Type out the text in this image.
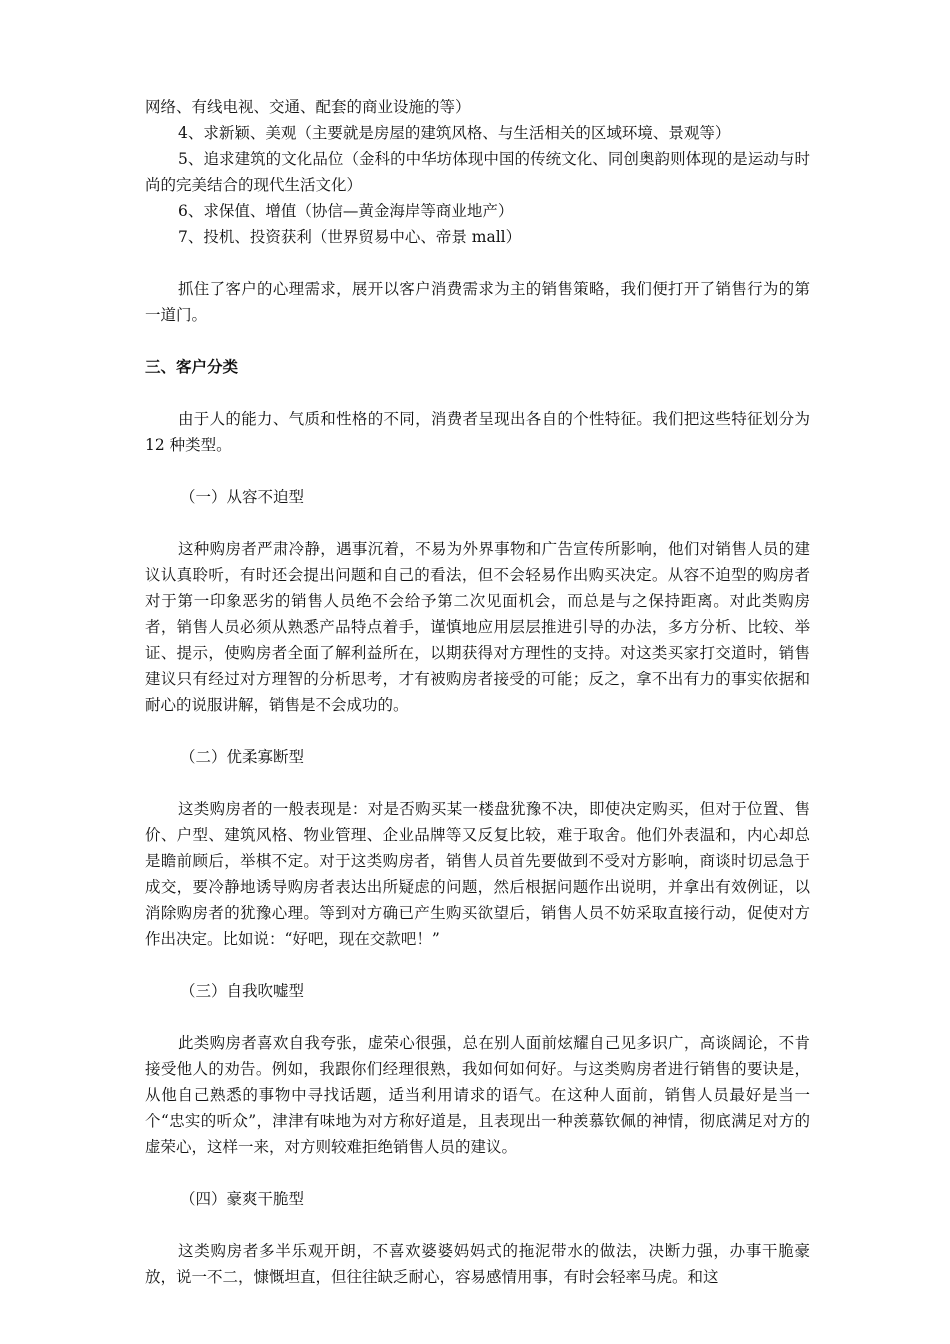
网络、有线电视、交通、配套的商业设施的等）

4、求新颖、美观（主要就是房屋的建筑风格、与生活相关的区域环境、景观等）

5、追求建筑的文化品位（金科的中华坊体现中国的传统文化、同创奥韵则体现的是运动与时尚的完美结合的现代生活文化）

6、求保值、增值（协信—黄金海岸等商业地产）

7、投机、投资获利（世界贸易中心、帝景 mall）

抓住了客户的心理需求，展开以客户消费需求为主的销售策略，我们便打开了销售行为的第一道门。

三、客户分类

由于人的能力、气质和性格的不同，消费者呈现出各自的个性特征。我们把这些特征划分为 12 种类型。

（一）从容不迫型

这种购房者严肃冷静，遇事沉着，不易为外界事物和广告宣传所影响，他们对销售人员的建议认真聆听，有时还会提出问题和自己的看法，但不会轻易作出购买决定。从容不迫型的购房者对于第一印象恶劣的销售人员绝不会给予第二次见面机会，而总是与之保持距离。对此类购房者，销售人员必须从熟悉产品特点着手，谨慎地应用层层推进引导的办法，多方分析、比较、举证、提示，使购房者全面了解利益所在，以期获得对方理性的支持。对这类买家打交道时，销售建议只有经过对方理智的分析思考，才有被购房者接受的可能；反之，拿不出有力的事实依据和耐心的说服讲解，销售是不会成功的。

（二）优柔寡断型

这类购房者的一般表现是：对是否购买某一楼盘犹豫不决，即使决定购买，但对于位置、售价、户型、建筑风格、物业管理、企业品牌等又反复比较，难于取舍。他们外表温和，内心却总是瞻前顾后，举棋不定。对于这类购房者，销售人员首先要做到不受对方影响，商谈时切忌急于成交，要冷静地诱导购房者表达出所疑虑的问题，然后根据问题作出说明，并拿出有效例证，以消除购房者的犹豫心理。等到对方确已产生购买欲望后，销售人员不妨采取直接行动，促使对方作出决定。比如说：“好吧，现在交款吧！”

（三）自我吹嘘型

此类购房者喜欢自我夸张，虚荣心很强，总在别人面前炫耀自己见多识广，高谈阔论，不肯接受他人的劝告。例如，我跟你们经理很熟，我如何如何好。与这类购房者进行销售的要诀是，从他自己熟悉的事物中寻找话题，适当利用请求的语气。在这种人面前，销售人员最好是当一个“忠实的听众”，津津有味地为对方称好道是，且表现出一种羡慕钦佩的神情，彻底满足对方的虚荣心，这样一来，对方则较难拒绝销售人员的建议。

（四）豪爽干脆型

这类购房者多半乐观开朗，不喜欢婆婆妈妈式的拖泥带水的做法，决断力强，办事干脆豪放，说一不二，慷慨坦直，但往往缺乏耐心，容易感情用事，有时会轻率马虎。和这
